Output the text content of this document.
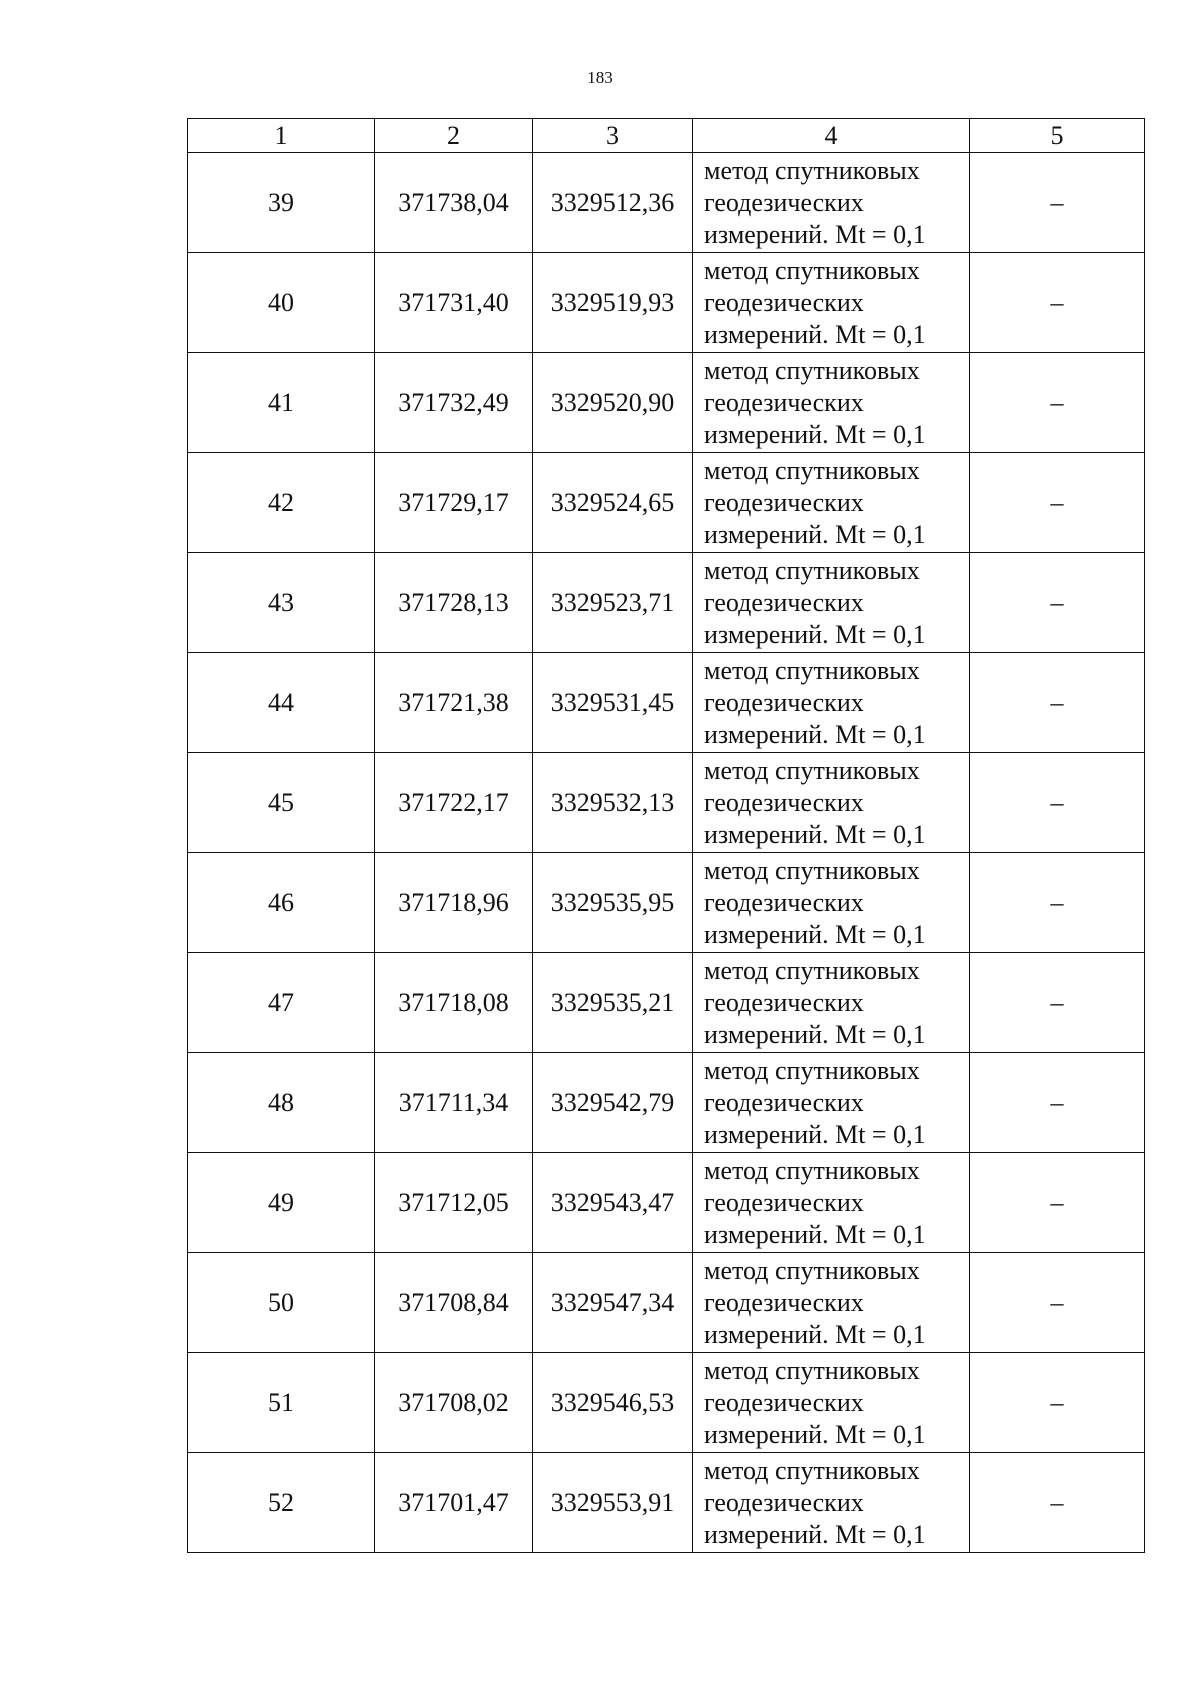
183
1	2	3	4	5
39	371738,04	3329512,36	метод спутниковых
геодезических
измерений. Mt = 0,1	–
40	371731,40	3329519,93	метод спутниковых
геодезических
измерений. Mt = 0,1	–
41	371732,49	3329520,90	метод спутниковых
геодезических
измерений. Mt = 0,1	–
42	371729,17	3329524,65	метод спутниковых
геодезических
измерений. Mt = 0,1	–
43	371728,13	3329523,71	метод спутниковых
геодезических
измерений. Mt = 0,1	–
44	371721,38	3329531,45	метод спутниковых
геодезических
измерений. Mt = 0,1	–
45	371722,17	3329532,13	метод спутниковых
геодезических
измерений. Mt = 0,1	–
46	371718,96	3329535,95	метод спутниковых
геодезических
измерений. Mt = 0,1	–
47	371718,08	3329535,21	метод спутниковых
геодезических
измерений. Mt = 0,1	–
48	371711,34	3329542,79	метод спутниковых
геодезических
измерений. Mt = 0,1	–
49	371712,05	3329543,47	метод спутниковых
геодезических
измерений. Mt = 0,1	–
50	371708,84	3329547,34	метод спутниковых
геодезических
измерений. Mt = 0,1	–
51	371708,02	3329546,53	метод спутниковых
геодезических
измерений. Mt = 0,1	–
52	371701,47	3329553,91	метод спутниковых
геодезических
измерений. Mt = 0,1	–
